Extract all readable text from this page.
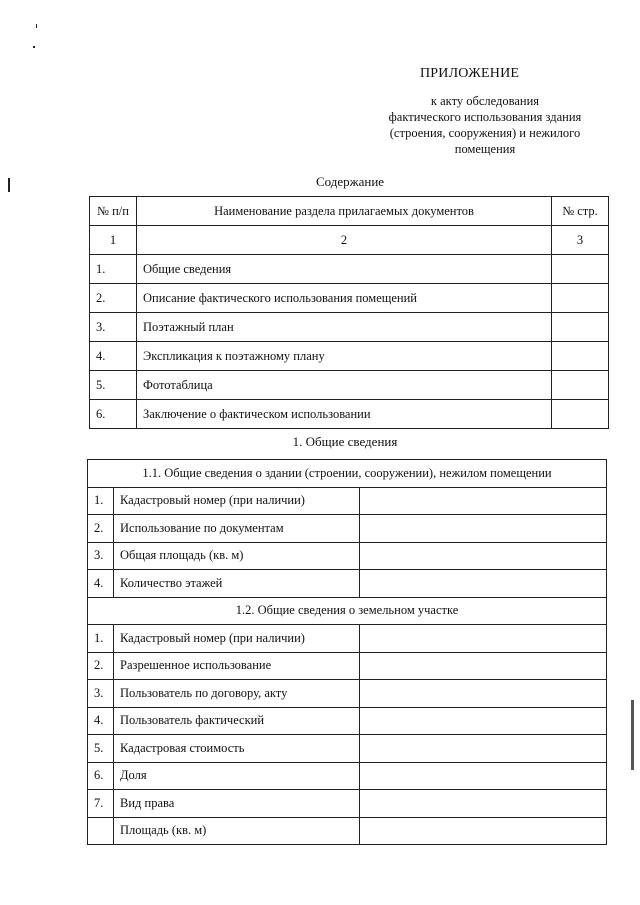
ПРИЛОЖЕНИЕ
к акту обследования
фактического использования здания
(строения, сооружения) и нежилого
помещения
Содержание
№ п/п	Наименование раздела прилагаемых документов	№ стр.
1	2	3
1.	Общие сведения	
2.	Описание фактического использования помещений	
3.	Поэтажный план	
4.	Экспликация к поэтажному плану	
5.	Фототаблица	
6.	Заключение о фактическом использовании	
1. Общие сведения
1.1. Общие сведения о здании (строении, сооружении), нежилом помещении		
1.	Кадастровый номер (при наличии)	
2.	Использование по документам	
3.	Общая площадь (кв. м)	
4.	Количество этажей	
1.2. Общие сведения о земельном участке		
1.	Кадастровый номер (при наличии)	
2.	Разрешенное использование	
3.	Пользователь по договору, акту	
4.	Пользователь фактический	
5.	Кадастровая стоимость	
6.	Доля	
7.	Вид права	
	Площадь (кв. м)	
